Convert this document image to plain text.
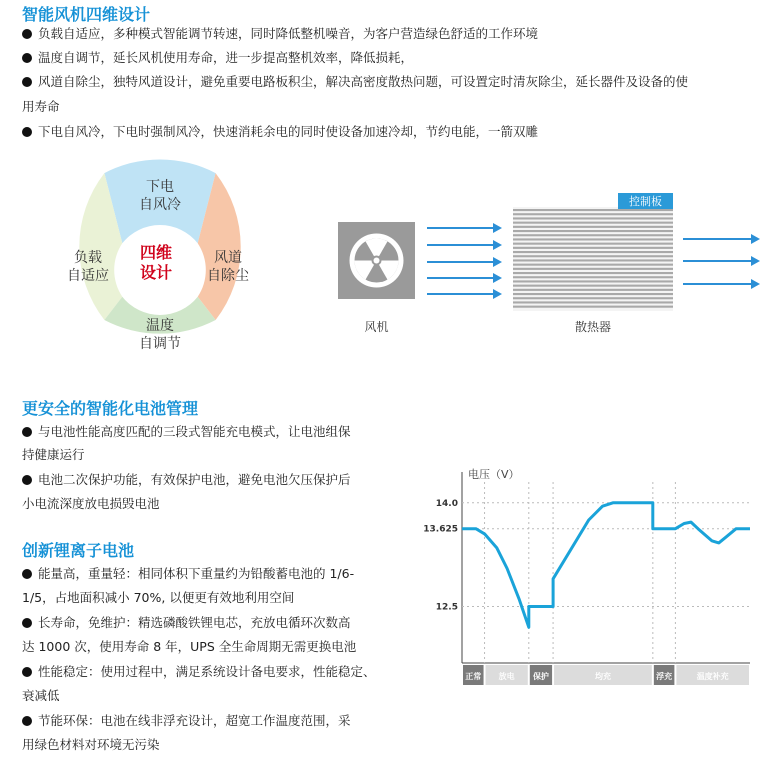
智能风机四维设计
负载自适应，多种模式智能调节转速，同时降低整机噪音，为客户营造绿色舒适的工作环境
温度自调节，延长风机使用寿命，进一步提高整机效率，降低损耗，
风道自除尘，独特风道设计，避免重要电路板积尘，解决高密度散热问题，可设置定时清灰除尘，延长器件及设备的使
用寿命
下电自风冷，下电时强制风冷，快速消耗余电的同时使设备加速冷却，节约电能，一箭双雕
下电
自风冷
负载
自适应
风道
自除尘
温度
自调节
四维
设计
控制板
风机	散热器
更安全的智能化电池管理
与电池性能高度匹配的三段式智能充电模式，让电池组保
持健康运行
电池二次保护功能，有效保护电池，避免电池欠压保护后
小电流深度放电损毁电池
创新锂离子电池
能量高，重量轻：相同体积下重量约为铅酸蓄电池的 1/6-
1/5，占地面积减小 70%, 以便更有效地利用空间
长寿命，免维护：精选磷酸铁锂电芯，充放电循环次数高
达 1000 次，使用寿命 8 年，UPS 全生命周期无需更换电池
性能稳定：使用过程中，满足系统设计备电要求，性能稳定、
衰减低
节能环保：电池在线非浮充设计，超宽工作温度范围，采
用绿色材料对环境无污染
电压（V）
14.0
13.625
12.5
正常 放电 保护	均充	浮充	温度补充
